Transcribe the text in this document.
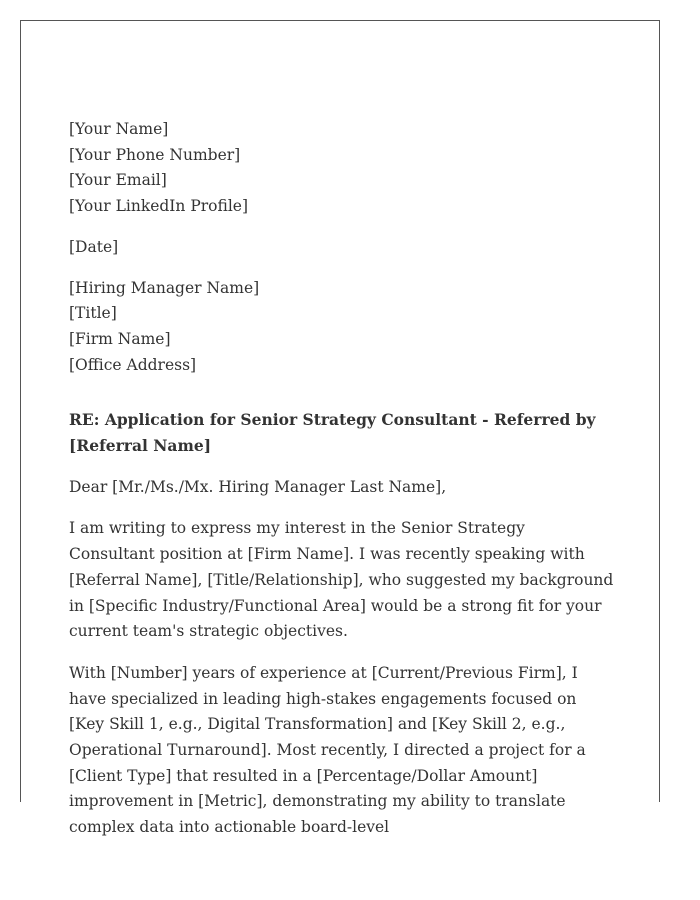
[Your Name]
[Your Phone Number]
[Your Email]
[Your LinkedIn Profile]
[Date]
[Hiring Manager Name]
[Title]
[Firm Name]
[Office Address]

RE: Application for Senior Strategy Consultant - Referred by [Referral Name]

Dear [Mr./Ms./Mx. Hiring Manager Last Name],

I am writing to express my interest in the Senior Strategy Consultant position at [Firm Name]. I was recently speaking with [Referral Name], [Title/Relationship], who suggested my background in [Specific Industry/Functional Area] would be a strong fit for your current team's strategic objectives.

With [Number] years of experience at [Current/Previous Firm], I have specialized in leading high-stakes engagements focused on [Key Skill 1, e.g., Digital Transformation] and [Key Skill 2, e.g., Operational Turnaround]. Most recently, I directed a project for a [Client Type] that resulted in a [Percentage/Dollar Amount] improvement in [Metric], demonstrating my ability to translate complex data into actionable board-level
